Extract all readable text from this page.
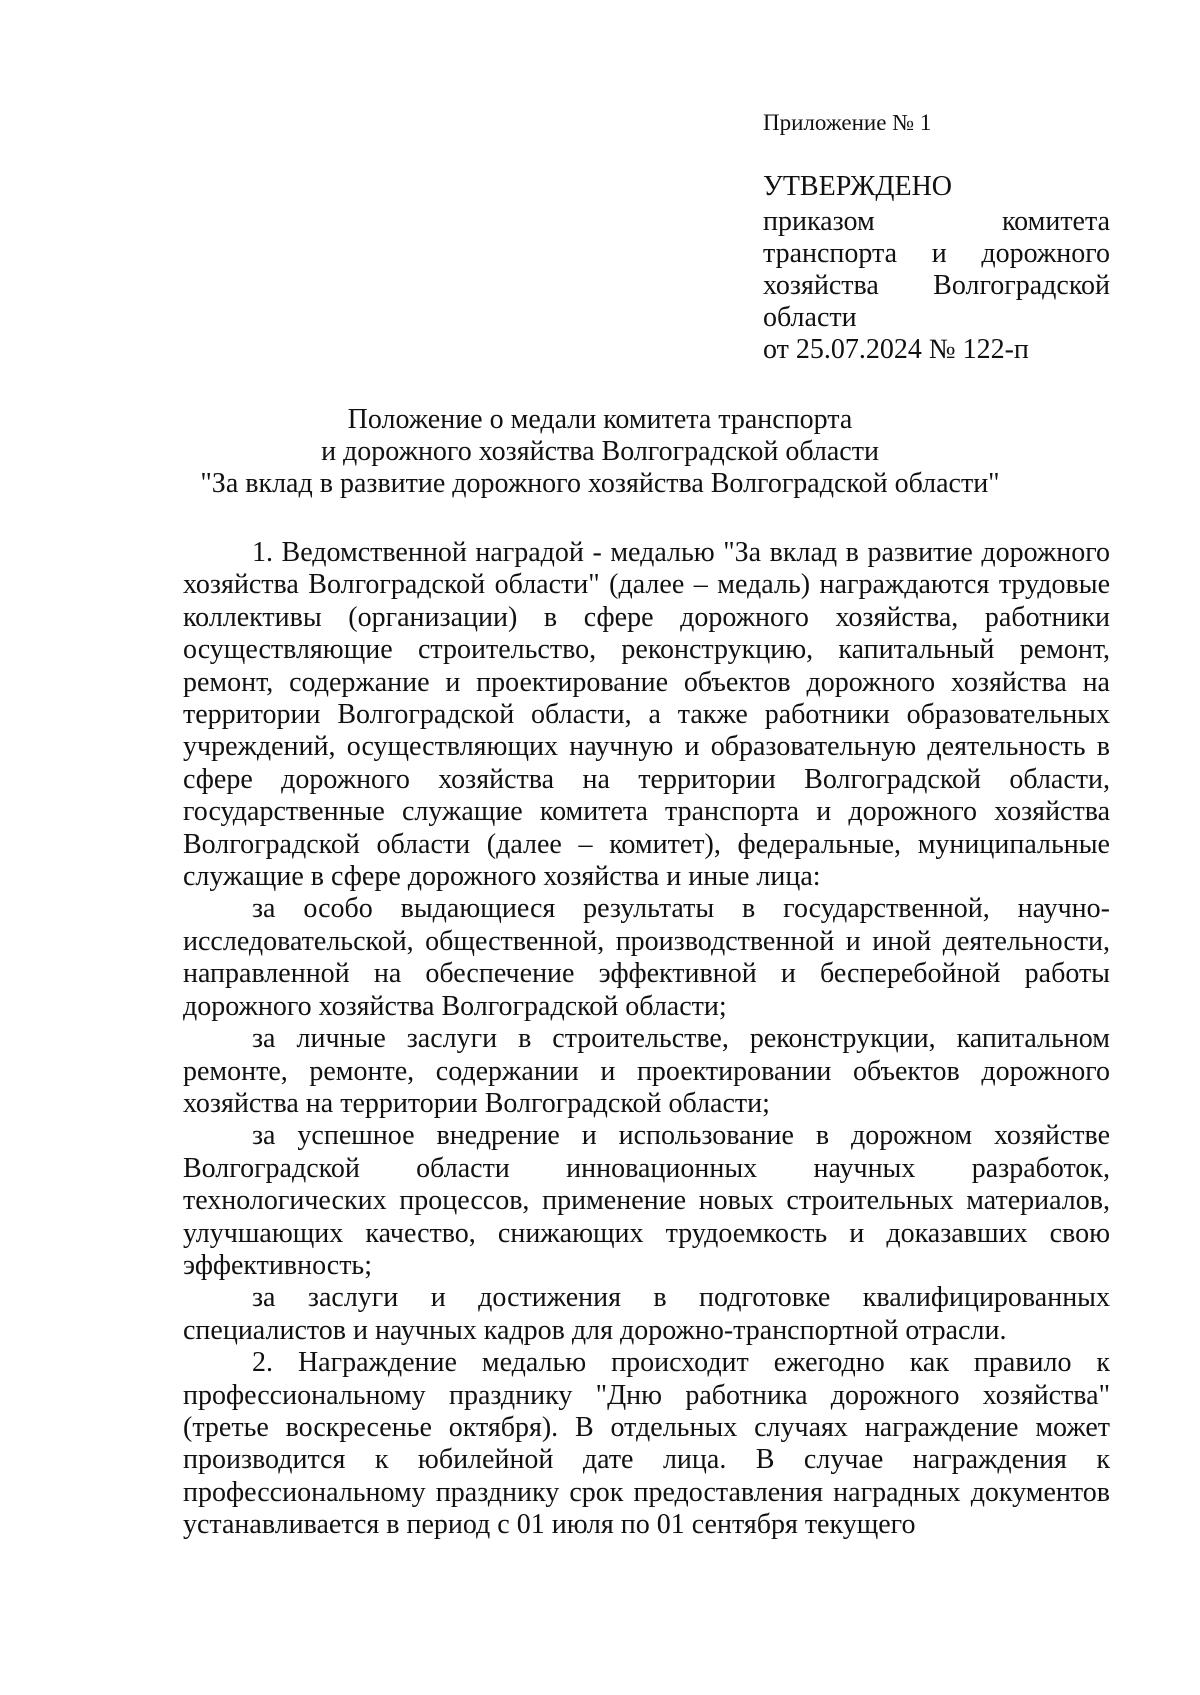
Приложение № 1
УТВЕРЖДЕНО
приказом комитета
транспорта и дорожного
хозяйства Волгоградской
области
от 25.07.2024 № 122-п
Положение о медали комитета транспорта
и дорожного хозяйства Волгоградской области
"За вклад в развитие дорожного хозяйства Волгоградской области"

1. Ведомственной наградой - медалью "За вклад в развитие дорожного хозяйства Волгоградской области" (далее – медаль) награждаются трудовые коллективы (организации) в сфере дорожного хозяйства, работники осуществляющие строительство, реконструкцию, капитальный ремонт, ремонт, содержание и проектирование объектов дорожного хозяйства на территории Волгоградской области, а также работники образовательных учреждений, осуществляющих научную и образовательную деятельность в сфере дорожного хозяйства на территории Волгоградской области, государственные служащие комитета транспорта и дорожного хозяйства Волгоградской области (далее – комитет), федеральные, муниципальные служащие в сфере дорожного хозяйства и иные лица:

за особо выдающиеся результаты в государственной, научно-исследовательской, общественной, производственной и иной деятельности, направленной на обеспечение эффективной и бесперебойной работы дорожного хозяйства Волгоградской области;

за личные заслуги в строительстве, реконструкции, капитальном ремонте, ремонте, содержании и проектировании объектов дорожного хозяйства на территории Волгоградской области;

за успешное внедрение и использование в дорожном хозяйстве Волгоградской области инновационных научных разработок, технологических процессов, применение новых строительных материалов, улучшающих качество, снижающих трудоемкость и доказавших свою эффективность;

за заслуги и достижения в подготовке квалифицированных специалистов и научных кадров для дорожно-транспортной отрасли.

2. Награждение медалью происходит ежегодно как правило к профессиональному празднику "Дню работника дорожного хозяйства" (третье воскресенье октября). В отдельных случаях награждение может производится к юбилейной дате лица. В случае награждения к профессиональному празднику срок предоставления наградных документов устанавливается в период с 01 июля по 01 сентября текущего
